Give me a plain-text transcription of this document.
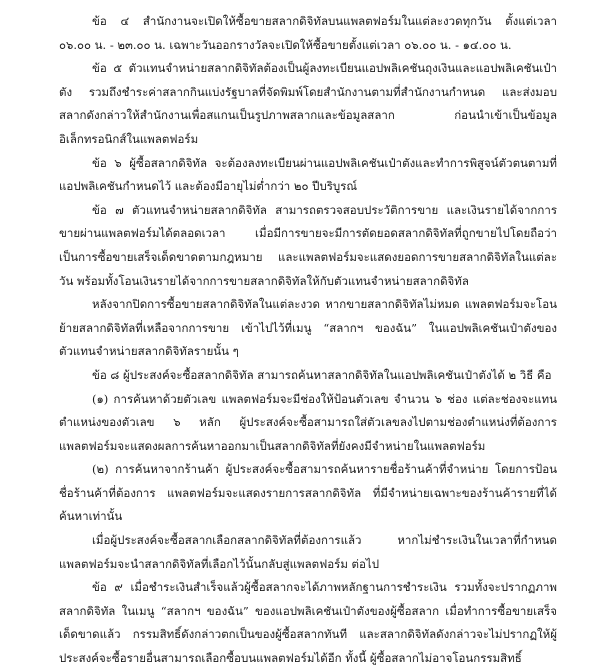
ข้อ ๔ สำนักงานจะเปิดให้ซื้อขายสลากดิจิทัลบนแพลตฟอร์มในแต่ละงวดทุกวัน ตั้งแต่เวลา ๐๖.๐๐ น. - ๒๓.๐๐ น. เฉพาะวันออกรางวัลจะเปิดให้ซื้อขายตั้งแต่เวลา ๐๖.๐๐ น. - ๑๔.๐๐ น.

ข้อ ๕ ตัวแทนจำหน่ายสลากดิจิทัลต้องเป็นผู้ลงทะเบียนแอปพลิเคชันถุงเงินและแอปพลิเคชันเป๋าตัง รวมถึงชำระค่าสลากกินแบ่งรัฐบาลที่จัดพิมพ์โดยสำนักงานตามที่สำนักงานกำหนด และส่งมอบสลากดังกล่าวให้สำนักงานเพื่อสแกนเป็นรูปภาพสลากและข้อมูลสลาก ก่อนนำเข้าเป็นข้อมูลอิเล็กทรอนิกส์ในแพลตฟอร์ม

ข้อ ๖ ผู้ซื้อสลากดิจิทัล จะต้องลงทะเบียนผ่านแอปพลิเคชันเป๋าตังและทำการพิสูจน์ตัวตนตามที่แอปพลิเคชันกำหนดไว้ และต้องมีอายุไม่ต่ำกว่า ๒๐ ปีบริบูรณ์

ข้อ ๗ ตัวแทนจำหน่ายสลากดิจิทัล สามารถตรวจสอบประวัติการขาย และเงินรายได้จากการขายผ่านแพลตฟอร์มได้ตลอดเวลา เมื่อมีการขายจะมีการตัดยอดสลากดิจิทัลที่ถูกขายไปโดยถือว่าเป็นการซื้อขายเสร็จเด็ดขาดตามกฎหมาย และแพลตฟอร์มจะแสดงยอดการขายสลากดิจิทัลในแต่ละวัน พร้อมทั้งโอนเงินรายได้จากการขายสลากดิจิทัลให้กับตัวแทนจำหน่ายสลากดิจิทัล

หลังจากปิดการซื้อขายสลากดิจิทัลในแต่ละงวด หากขายสลากดิจิทัลไม่หมด แพลตฟอร์มจะโอนย้ายสลากดิจิทัลที่เหลือจากการขาย เข้าไปไว้ที่เมนู “สลากฯ ของฉัน” ในแอปพลิเคชันเป๋าตังของตัวแทนจำหน่ายสลากดิจิทัลรายนั้น ๆ

ข้อ ๘ ผู้ประสงค์จะซื้อสลากดิจิทัล สามารถค้นหาสลากดิจิทัลในแอปพลิเคชันเป๋าตังได้ ๒ วิธี คือ

(๑) การค้นหาด้วยตัวเลข แพลตฟอร์มจะมีช่องให้ป้อนตัวเลข จำนวน ๖ ช่อง แต่ละช่องจะแทนตำแหน่งของตัวเลข ๖ หลัก ผู้ประสงค์จะซื้อสามารถใส่ตัวเลขลงไปตามช่องตำแหน่งที่ต้องการ แพลตฟอร์มจะแสดงผลการค้นหาออกมาเป็นสลากดิจิทัลที่ยังคงมีจำหน่ายในแพลตฟอร์ม

(๒) การค้นหาจากร้านค้า ผู้ประสงค์จะซื้อสามารถค้นหารายชื่อร้านค้าที่จำหน่าย โดยการป้อนชื่อร้านค้าที่ต้องการ แพลตฟอร์มจะแสดงรายการสลากดิจิทัล ที่มีจำหน่ายเฉพาะของร้านค้ารายที่ได้ค้นหาเท่านั้น

เมื่อผู้ประสงค์จะซื้อสลากเลือกสลากดิจิทัลที่ต้องการแล้ว หากไม่ชำระเงินในเวลาที่กำหนดแพลตฟอร์มจะนำสลากดิจิทัลที่เลือกไว้นั้นกลับสู่แพลตฟอร์ม ต่อไป

ข้อ ๙ เมื่อชำระเงินสำเร็จแล้วผู้ซื้อสลากจะได้ภาพหลักฐานการชำระเงิน รวมทั้งจะปรากฏภาพสลากดิจิทัล ในเมนู “สลากฯ ของฉัน” ของแอปพลิเคชันเป๋าตังของผู้ซื้อสลาก เมื่อทำการซื้อขายเสร็จเด็ดขาดแล้ว กรรมสิทธิ์ดังกล่าวตกเป็นของผู้ซื้อสลากทันที และสลากดิจิทัลดังกล่าวจะไม่ปรากฏให้ผู้ประสงค์จะซื้อรายอื่นสามารถเลือกซื้อบนแพลตฟอร์มได้อีก ทั้งนี้ ผู้ซื้อสลากไม่อาจโอนกรรมสิทธิ์
